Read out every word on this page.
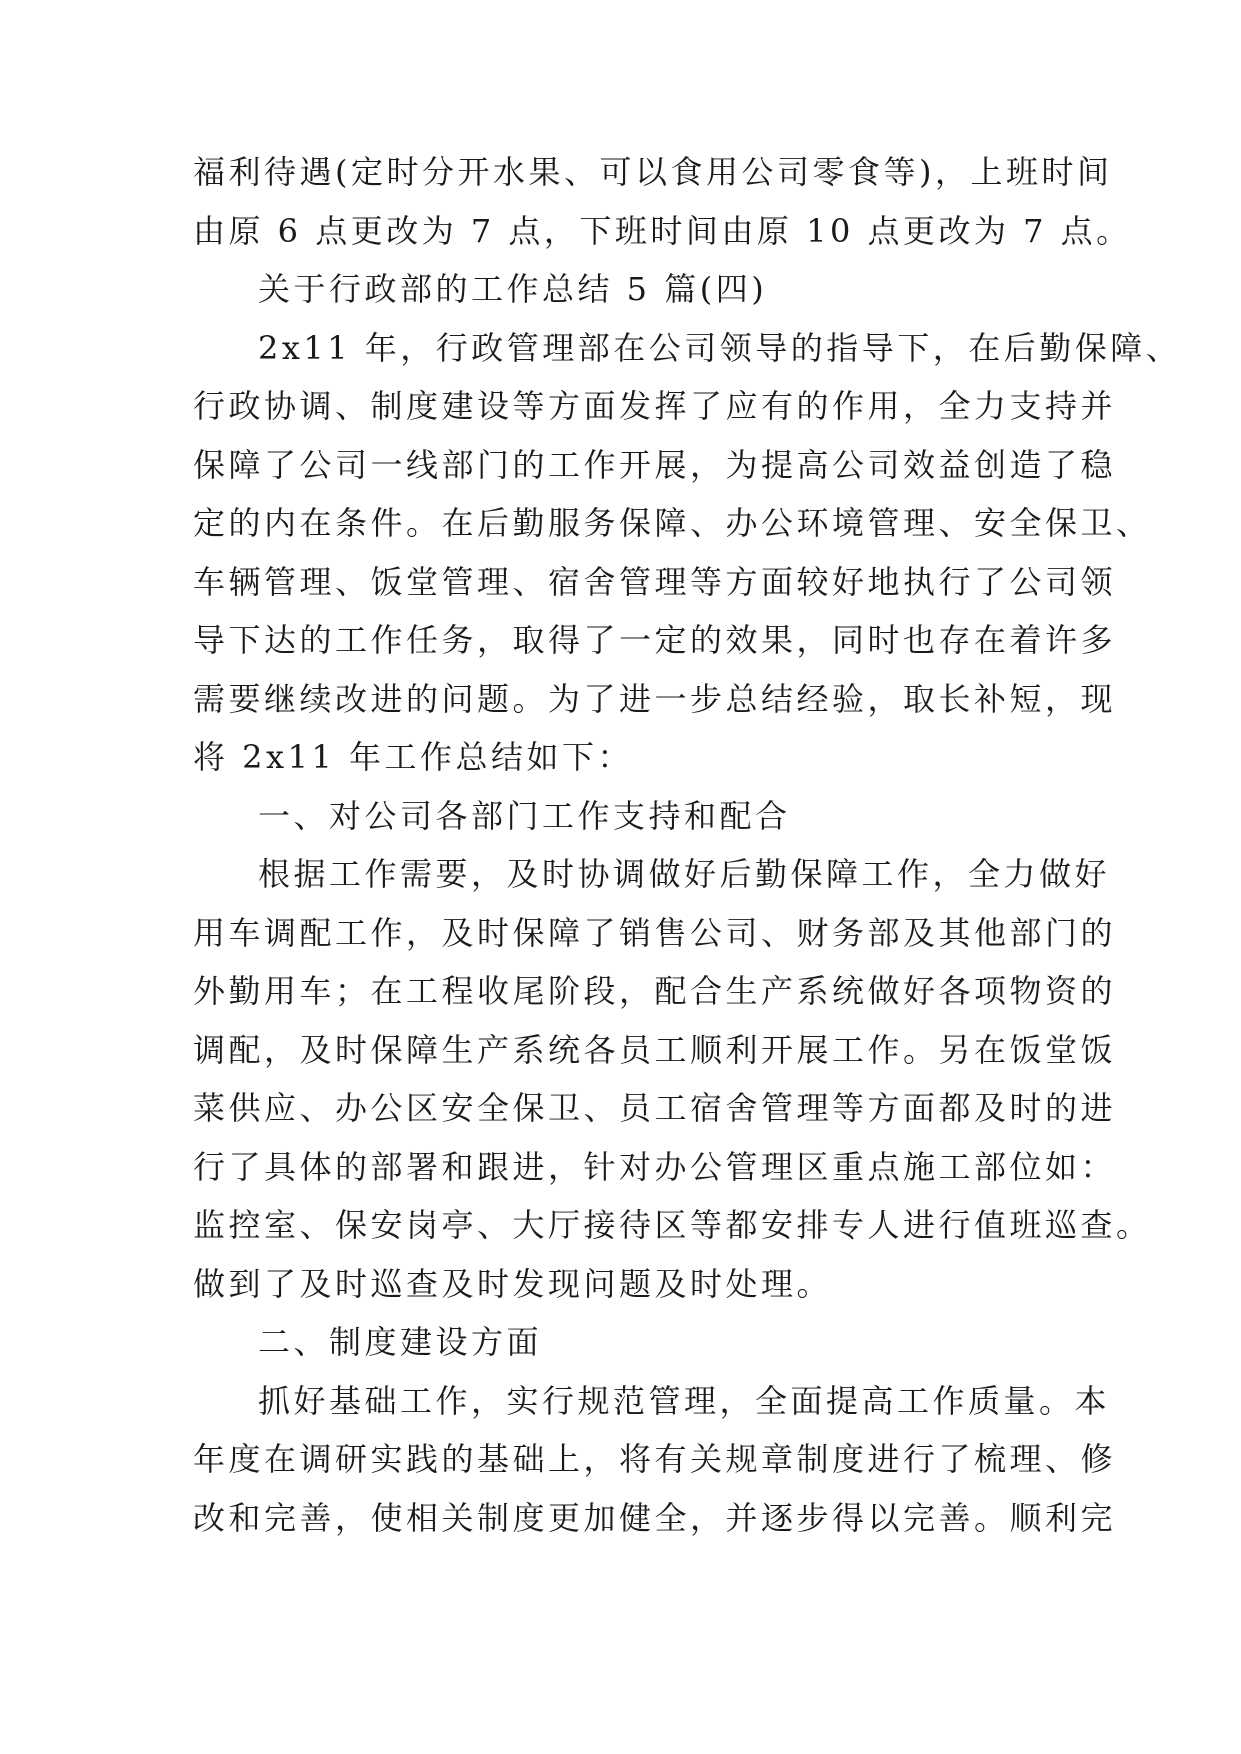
福利待遇(定时分开水果、可以食用公司零食等)，上班时间
由原 6 点更改为 7 点，下班时间由原 10 点更改为 7 点。
关于行政部的工作总结 5 篇(四)
2x11 年，行政管理部在公司领导的指导下，在后勤保障、
行政协调、制度建设等方面发挥了应有的作用，全力支持并
保障了公司一线部门的工作开展，为提高公司效益创造了稳
定的内在条件。在后勤服务保障、办公环境管理、安全保卫、
车辆管理、饭堂管理、宿舍管理等方面较好地执行了公司领
导下达的工作任务，取得了一定的效果，同时也存在着许多
需要继续改进的问题。为了进一步总结经验，取长补短，现
将 2x11 年工作总结如下：
一、对公司各部门工作支持和配合
根据工作需要，及时协调做好后勤保障工作，全力做好
用车调配工作，及时保障了销售公司、财务部及其他部门的
外勤用车；在工程收尾阶段，配合生产系统做好各项物资的
调配，及时保障生产系统各员工顺利开展工作。另在饭堂饭
菜供应、办公区安全保卫、员工宿舍管理等方面都及时的进
行了具体的部署和跟进，针对办公管理区重点施工部位如：
监控室、保安岗亭、大厅接待区等都安排专人进行值班巡查。
做到了及时巡查及时发现问题及时处理。
二、制度建设方面
抓好基础工作，实行规范管理，全面提高工作质量。本
年度在调研实践的基础上，将有关规章制度进行了梳理、修
改和完善，使相关制度更加健全，并逐步得以完善。顺利完
